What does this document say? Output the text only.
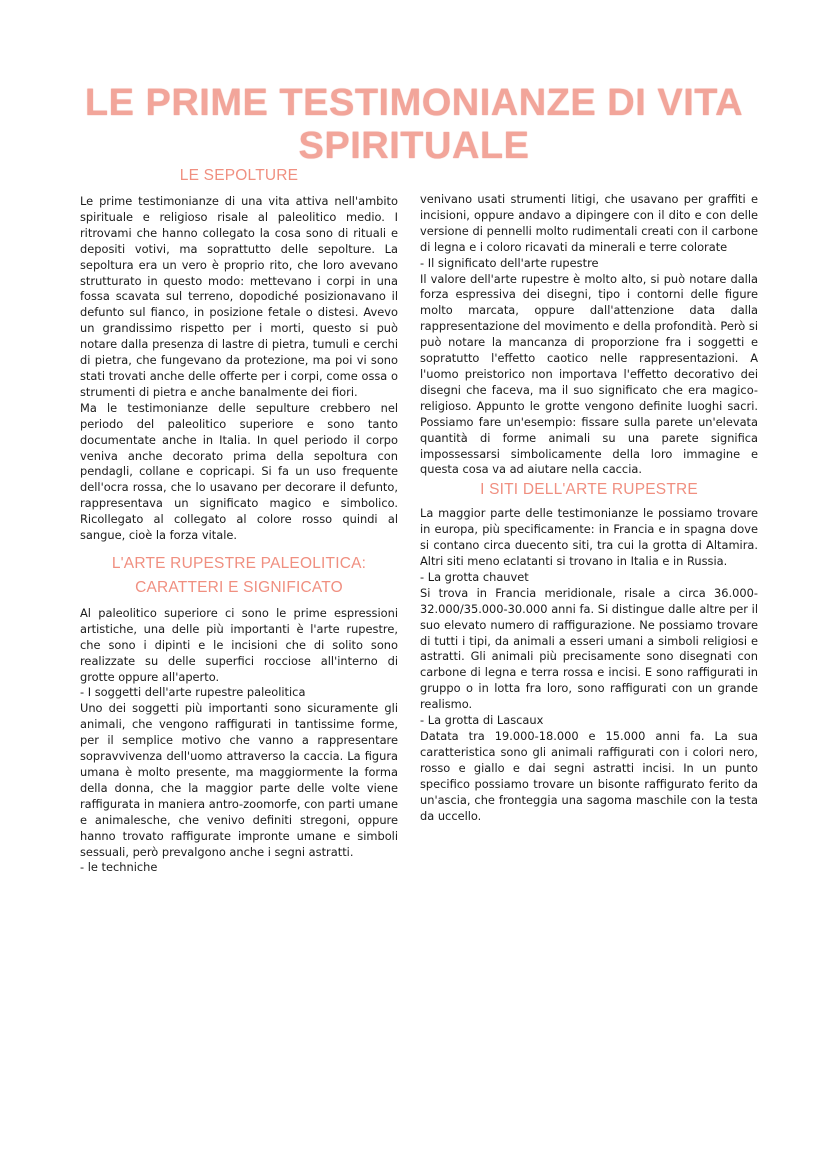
LE PRIME TESTIMONIANZE DI VITA SPIRITUALE
LE SEPOLTURE

Le prime testimonianze di una vita attiva nell'ambito spirituale e religioso risale al paleolitico medio. I ritrovami che hanno collegato la cosa sono di rituali e depositi votivi, ma soprattutto delle sepolture. La sepoltura era un vero è proprio rito, che loro avevano strutturato in questo modo: mettevano i corpi in una fossa scavata sul terreno, dopodiché posizionavano il defunto sul fianco, in posizione fetale o distesi. Avevo un grandissimo rispetto per i morti, questo si può notare dalla presenza di lastre di pietra, tumuli e cerchi di pietra, che fungevano da protezione, ma poi vi sono stati trovati anche delle offerte per i corpi, come ossa o strumenti di pietra e anche banalmente dei fiori.

Ma le testimonianze delle sepulture crebbero nel periodo del paleolitico superiore e sono tanto documentate anche in Italia. In quel periodo il corpo veniva anche decorato prima della sepoltura con pendagli, collane e copricapi. Si fa un uso frequente dell'ocra rossa, che lo usavano per decorare il defunto, rappresentava un significato magico e simbolico. Ricollegato al collegato al colore rosso quindi al sangue, cioè la forza vitale.

L'ARTE RUPESTRE PALEOLITICA: CARATTERI E SIGNIFICATO

Al paleolitico superiore ci sono le prime espressioni artistiche, una delle più importanti è l'arte rupestre, che sono i dipinti e le incisioni che di solito sono realizzate su delle superfici rocciose all'interno di grotte oppure all'aperto.

- I soggetti dell'arte rupestre paleolitica

Uno dei soggetti più importanti sono sicuramente gli animali, che vengono raffigurati in tantissime forme, per il semplice motivo che vanno a rappresentare sopravvivenza dell'uomo attraverso la caccia. La figura umana è molto presente, ma maggiormente la forma della donna, che la maggior parte delle volte viene raffigurata in maniera antro-zoomorfe, con parti umane e animalesche, che venivo definiti stregoni, oppure hanno trovato raffigurate impronte umane e simboli sessuali, però prevalgono anche i segni astratti.

- le techniche

venivano usati strumenti litigi, che usavano per graffiti e incisioni, oppure andavo a dipingere con il dito e con delle versione di pennelli molto rudimentali creati con il carbone di legna e i coloro ricavati da minerali e terre colorate

- Il significato dell'arte rupestre

Il valore dell'arte rupestre è molto alto, si può notare dalla forza espressiva dei disegni, tipo i contorni delle figure molto marcata, oppure dall'attenzione data dalla rappresentazione del movimento e della profondità. Però si può notare la mancanza di proporzione fra i soggetti e sopratutto l'effetto caotico nelle rappresentazioni. A l'uomo preistorico non importava l'effetto decorativo dei disegni che faceva, ma il suo significato che era magico-religioso. Appunto le grotte vengono definite luoghi sacri. Possiamo fare un'esempio: fissare sulla parete un'elevata quantità di forme animali su una parete significa impossessarsi simbolicamente della loro immagine e questa cosa va ad aiutare nella caccia.

I SITI DELL'ARTE RUPESTRE

La maggior parte delle testimonianze le possiamo trovare in europa, più specificamente: in Francia e in spagna dove si contano circa duecento siti, tra cui la grotta di Altamira. Altri siti meno eclatanti si trovano in Italia e in Russia.

- La grotta chauvet

Si trova in Francia meridionale, risale a circa 36.000-32.000/35.000-30.000 anni fa. Si distingue dalle altre per il suo elevato numero di raffigurazione. Ne possiamo trovare di tutti i tipi, da animali a esseri umani a simboli religiosi e astratti. Gli animali più precisamente sono disegnati con carbone di legna e terra rossa e incisi. E sono raffigurati in gruppo o in lotta fra loro, sono raffigurati con un grande realismo.

- La grotta di Lascaux

Datata tra 19.000-18.000 e 15.000 anni fa. La sua caratteristica sono gli animali raffigurati con i colori nero, rosso e giallo e dai segni astratti incisi. In un punto specifico possiamo trovare un bisonte raffigurato ferito da un'ascia, che fronteggia una sagoma maschile con la testa da uccello.
